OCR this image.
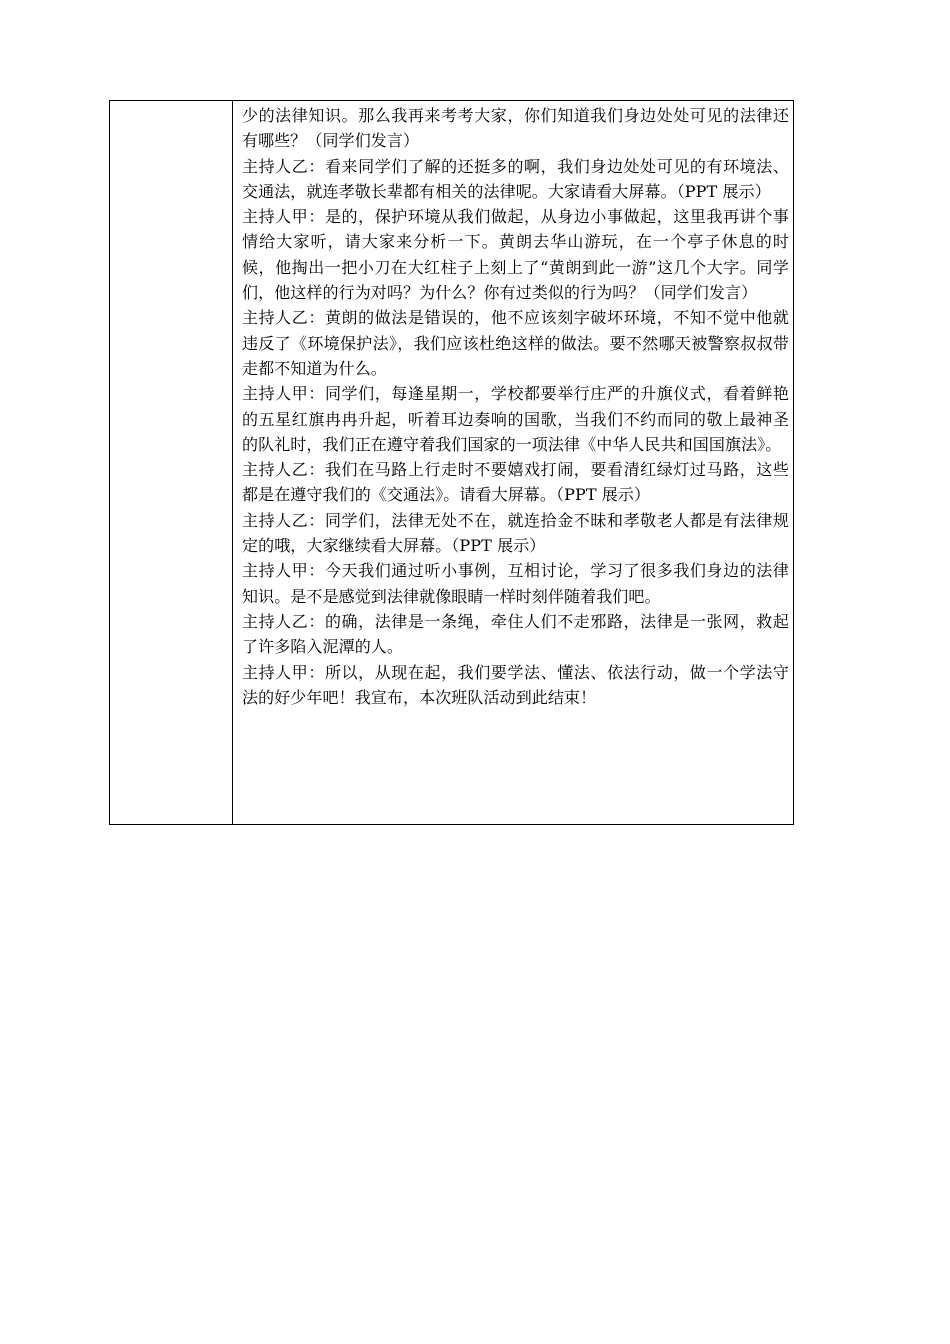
少的法律知识。那么我再来考考大家，你们知道我们身边处处可见的法律还有哪些？（同学们发言）

主持人乙：看来同学们了解的还挺多的啊，我们身边处处可见的有环境法、交通法，就连孝敬长辈都有相关的法律呢。大家请看大屏幕。（PPT 展示）

主持人甲：是的，保护环境从我们做起，从身边小事做起，这里我再讲个事情给大家听，请大家来分析一下。黄朗去华山游玩，在一个亭子休息的时候，他掏出一把小刀在大红柱子上刻上了“黄朗到此一游”这几个大字。同学们，他这样的行为对吗？为什么？你有过类似的行为吗？（同学们发言）

主持人乙：黄朗的做法是错误的，他不应该刻字破坏环境，不知不觉中他就违反了《环境保护法》，我们应该杜绝这样的做法。要不然哪天被警察叔叔带走都不知道为什么。

主持人甲：同学们，每逢星期一，学校都要举行庄严的升旗仪式，看着鲜艳的五星红旗冉冉升起，听着耳边奏响的国歌，当我们不约而同的敬上最神圣的队礼时，我们正在遵守着我们国家的一项法律《中华人民共和国国旗法》。

主持人乙：我们在马路上行走时不要嬉戏打闹，要看清红绿灯过马路，这些都是在遵守我们的《交通法》。请看大屏幕。（PPT 展示）

主持人乙：同学们，法律无处不在，就连拾金不昧和孝敬老人都是有法律规定的哦，大家继续看大屏幕。（PPT 展示）

主持人甲：今天我们通过听小事例，互相讨论，学习了很多我们身边的法律知识。是不是感觉到法律就像眼睛一样时刻伴随着我们吧。

主持人乙：的确，法律是一条绳，牵住人们不走邪路，法律是一张网，救起了许多陷入泥潭的人。

主持人甲：所以，从现在起，我们要学法、懂法、依法行动，做一个学法守法的好少年吧！我宣布，本次班队活动到此结束！
